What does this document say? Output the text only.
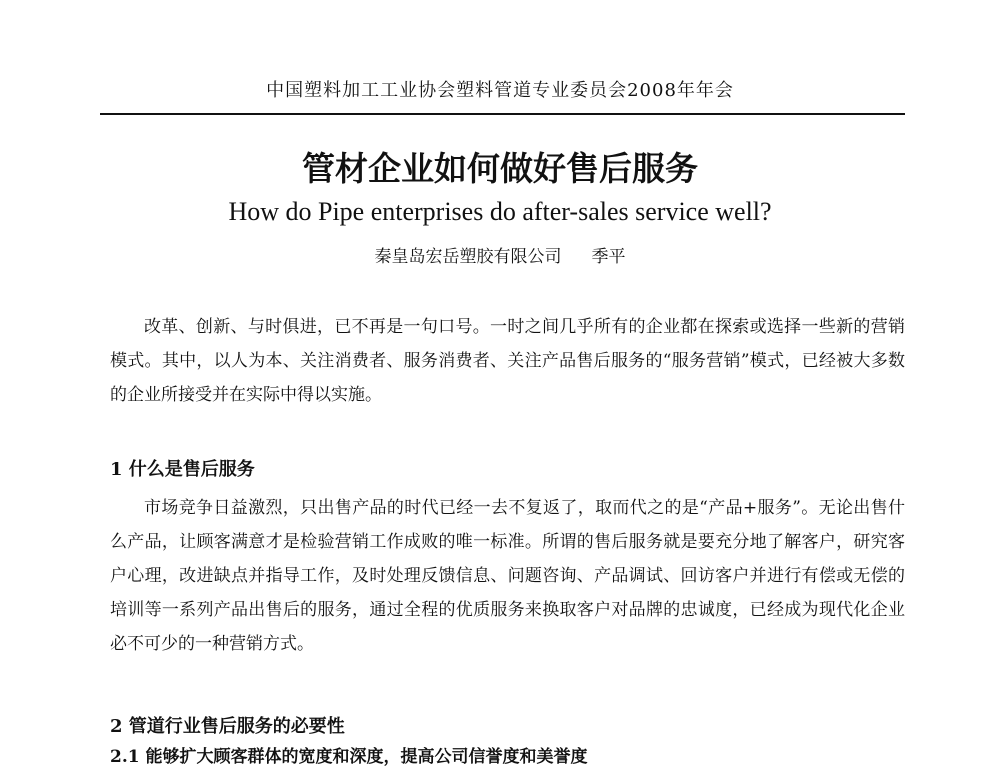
中国塑料加工工业协会塑料管道专业委员会2008年年会
管材企业如何做好售后服务
How do Pipe enterprises do after-sales service well?
秦皇岛宏岳塑胶有限公司 季平

改革、创新、与时俱进，已不再是一句口号。一时之间几乎所有的企业都在探索或选择一些新的营销模式。其中，以人为本、关注消费者、服务消费者、关注产品售后服务的“服务营销”模式，已经被大多数的企业所接受并在实际中得以实施。

1 什么是售后服务

市场竞争日益激烈，只出售产品的时代已经一去不复返了，取而代之的是“产品+服务”。无论出售什么产品，让顾客满意才是检验营销工作成败的唯一标准。所谓的售后服务就是要充分地了解客户，研究客户心理，改进缺点并指导工作，及时处理反馈信息、问题咨询、产品调试、回访客户并进行有偿或无偿的培训等一系列产品出售后的服务，通过全程的优质服务来换取客户对品牌的忠诚度，已经成为现代化企业必不可少的一种营销方式。

2 管道行业售后服务的必要性
2.1 能够扩大顾客群体的宽度和深度，提高公司信誉度和美誉度
